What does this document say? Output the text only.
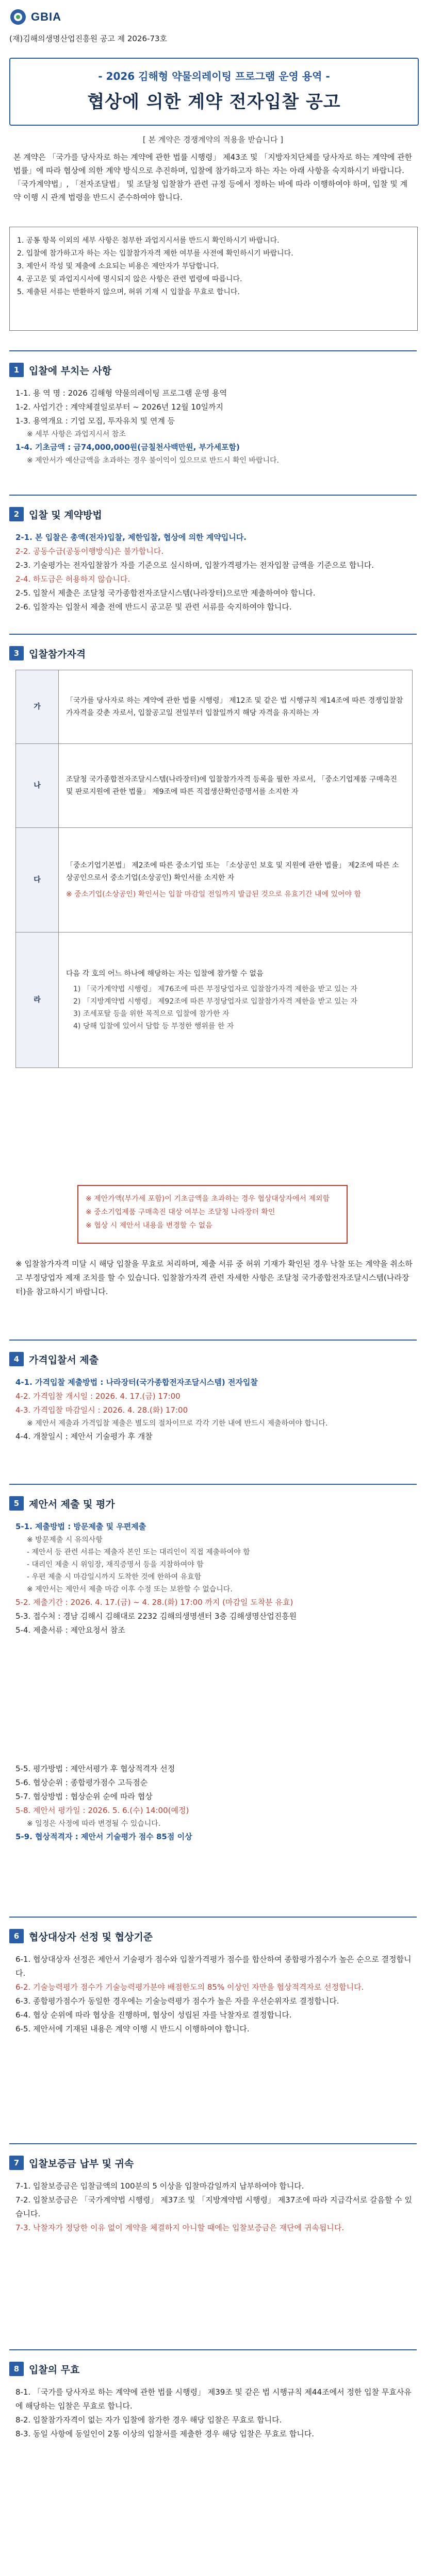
GBIA
(재)김해의생명산업진흥원 공고 제 2026-73호
- 2026 김해형 약물의레이팅 프로그램 운영 용역 -
협상에 의한 계약 전자입찰 공고
[ 본 계약은 경쟁계약의 적용을 받습니다 ]
본 계약은 「국가를 당사자로 하는 계약에 관한 법률 시행령」 제43조 및 「지방자치단체를 당사자로 하는 계약에 관한 법률」에 따라 협상에 의한 계약 방식으로 추진하며, 입찰에 참가하고자 하는 자는 아래 사항을 숙지하시기 바랍니다. 「국가계약법」, 「전자조달법」 및 조달청 입찰참가 관련 규정 등에서 정하는 바에 따라 이행하여야 하며, 입찰 및 계약 이행 시 관계 법령을 반드시 준수하여야 합니다.
1. 공통 항목 이외의 세부 사항은 첨부한 과업지시서를 반드시 확인하시기 바랍니다.
2. 입찰에 참가하고자 하는 자는 입찰참가자격 제한 여부를 사전에 확인하시기 바랍니다.
3. 제안서 작성 및 제출에 소요되는 비용은 제안자가 부담합니다.
4. 공고문 및 과업지시서에 명시되지 않은 사항은 관련 법령에 따릅니다.
5. 제출된 서류는 반환하지 않으며, 허위 기재 시 입찰을 무효로 합니다.
1 입찰에 부치는 사항
1-1. 용 역 명 : 2026 김해형 약물의레이팅 프로그램 운영 용역
1-2. 사업기간 : 계약체결일로부터 ~ 2026년 12월 10일까지
1-3. 용역개요 : 기업 모집, 투자유치 및 연계 등
※ 세부 사항은 과업지시서 참조
1-4. 기초금액 : 금74,000,000원(금칠천사백만원, 부가세포함)
※ 제안서가 예산금액을 초과하는 경우 불이익이 있으므로 반드시 확인 바랍니다.
2 입찰 및 계약방법
2-1. 본 입찰은 총액(전자)입찰, 제한입찰, 협상에 의한 계약입니다.
2-2. 공동수급(공동이행방식)은 불가합니다.
2-3. 기술평가는 전자입찰참가 자를 기준으로 실시하며, 입찰가격평가는 전자입찰 금액을 기준으로 합니다.
2-4. 하도급은 허용하지 않습니다.
2-5. 입찰서 제출은 조달청 국가종합전자조달시스템(나라장터)으로만 제출하여야 합니다.
2-6. 입찰자는 입찰서 제출 전에 반드시 공고문 및 관련 서류를 숙지하여야 합니다.
3 입찰참가자격
가	「국가를 당사자로 하는 계약에 관한 법률 시행령」 제12조 및 같은 법 시행규칙 제14조에 따른 경쟁입찰참가자격을 갖춘 자로서, 입찰공고일 전일부터 입찰일까지 해당 자격을 유지하는 자
나	조달청 국가종합전자조달시스템(나라장터)에 입찰참가자격 등록을 필한 자로서, 「중소기업제품 구매촉진 및 판로지원에 관한 법률」 제9조에 따른 직접생산확인증명서를 소지한 자
다	「중소기업기본법」 제2조에 따른 중소기업 또는 「소상공인 보호 및 지원에 관한 법률」 제2조에 따른 소상공인으로서 중소기업(소상공인) 확인서를 소지한 자
※ 중소기업(소상공인) 확인서는 입찰 마감일 전일까지 발급된 것으로 유효기간 내에 있어야 함

라	다음 각 호의 어느 하나에 해당하는 자는 입찰에 참가할 수 없음
1) 「국가계약법 시행령」 제76조에 따른 부정당업자로 입찰참가자격 제한을 받고 있는 자
2) 「지방계약법 시행령」 제92조에 따른 부정당업자로 입찰참가자격 제한을 받고 있는 자
3) 조세포탈 등을 위한 목적으로 입찰에 참가한 자
4) 당해 입찰에 있어서 담합 등 부정한 행위를 한 자
※ 제안가액(부가세 포함)이 기초금액을 초과하는 경우 협상대상자에서 제외함
※ 중소기업제품 구매촉진 대상 여부는 조달청 나라장터 확인
※ 협상 시 제안서 내용을 변경할 수 없음
※ 입찰참가자격 미달 시 해당 입찰을 무효로 처리하며, 제출 서류 중 허위 기재가 확인된 경우 낙찰 또는 계약을 취소하고 부정당업자 제재 조치를 할 수 있습니다. 입찰참가자격 관련 자세한 사항은 조달청 국가종합전자조달시스템(나라장터)을 참고하시기 바랍니다.
4 가격입찰서 제출
4-1. 가격입찰 제출방법 : 나라장터(국가종합전자조달시스템) 전자입찰
4-2. 가격입찰 개시일 : 2026. 4. 17.(금) 17:00
4-3. 가격입찰 마감일시 : 2026. 4. 28.(화) 17:00
※ 제안서 제출과 가격입찰 제출은 별도의 절차이므로 각각 기한 내에 반드시 제출하여야 합니다.
4-4. 개찰일시 : 제안서 기술평가 후 개찰
5 제안서 제출 및 평가
5-1. 제출방법 : 방문제출 및 우편제출
※ 방문제출 시 유의사항
- 제안서 등 관련 서류는 제출자 본인 또는 대리인이 직접 제출하여야 함
- 대리인 제출 시 위임장, 재직증명서 등을 지참하여야 함
- 우편 제출 시 마감일시까지 도착한 것에 한하여 유효함
※ 제안서는 제안서 제출 마감 이후 수정 또는 보완할 수 없습니다.
5-2. 제출기간 : 2026. 4. 17.(금) ~ 4. 28.(화) 17:00 까지 (마감일 도착분 유효)
5-3. 접수처 : 경남 김해시 김해대로 2232 김해의생명센터 3층 김해생명산업진흥원
5-4. 제출서류 : 제안요청서 참조
5-5. 평가방법 : 제안서평가 후 협상적격자 선정
5-6. 협상순위 : 종합평가점수 고득점순
5-7. 협상방법 : 협상순위 순에 따라 협상
5-8. 제안서 평가일 : 2026. 5. 6.(수) 14:00(예정)
※ 일정은 사정에 따라 변경될 수 있습니다.
5-9. 협상적격자 : 제안서 기술평가 점수 85점 이상
6 협상대상자 선정 및 협상기준
6-1. 협상대상자 선정은 제안서 기술평가 점수와 입찰가격평가 점수를 합산하여 종합평가점수가 높은 순으로 결정합니다.
6-2. 기술능력평가 점수가 기술능력평가분야 배점한도의 85% 이상인 자만을 협상적격자로 선정합니다.
6-3. 종합평가점수가 동일한 경우에는 기술능력평가 점수가 높은 자를 우선순위자로 결정합니다.
6-4. 협상 순위에 따라 협상을 진행하며, 협상이 성립된 자를 낙찰자로 결정합니다.
6-5. 제안서에 기재된 내용은 계약 이행 시 반드시 이행하여야 합니다.
7 입찰보증금 납부 및 귀속
7-1. 입찰보증금은 입찰금액의 100분의 5 이상을 입찰마감일까지 납부하여야 합니다.
7-2. 입찰보증금은 「국가계약법 시행령」 제37조 및 「지방계약법 시행령」 제37조에 따라 지급각서로 갈음할 수 있습니다.
7-3. 낙찰자가 정당한 이유 없이 계약을 체결하지 아니할 때에는 입찰보증금은 재단에 귀속됩니다.
8 입찰의 무효
8-1. 「국가를 당사자로 하는 계약에 관한 법률 시행령」 제39조 및 같은 법 시행규칙 제44조에서 정한 입찰 무효사유에 해당하는 입찰은 무효로 합니다.
8-2. 입찰참가자격이 없는 자가 입찰에 참가한 경우 해당 입찰은 무효로 합니다.
8-3. 동일 사항에 동일인이 2통 이상의 입찰서를 제출한 경우 해당 입찰은 무효로 합니다.
